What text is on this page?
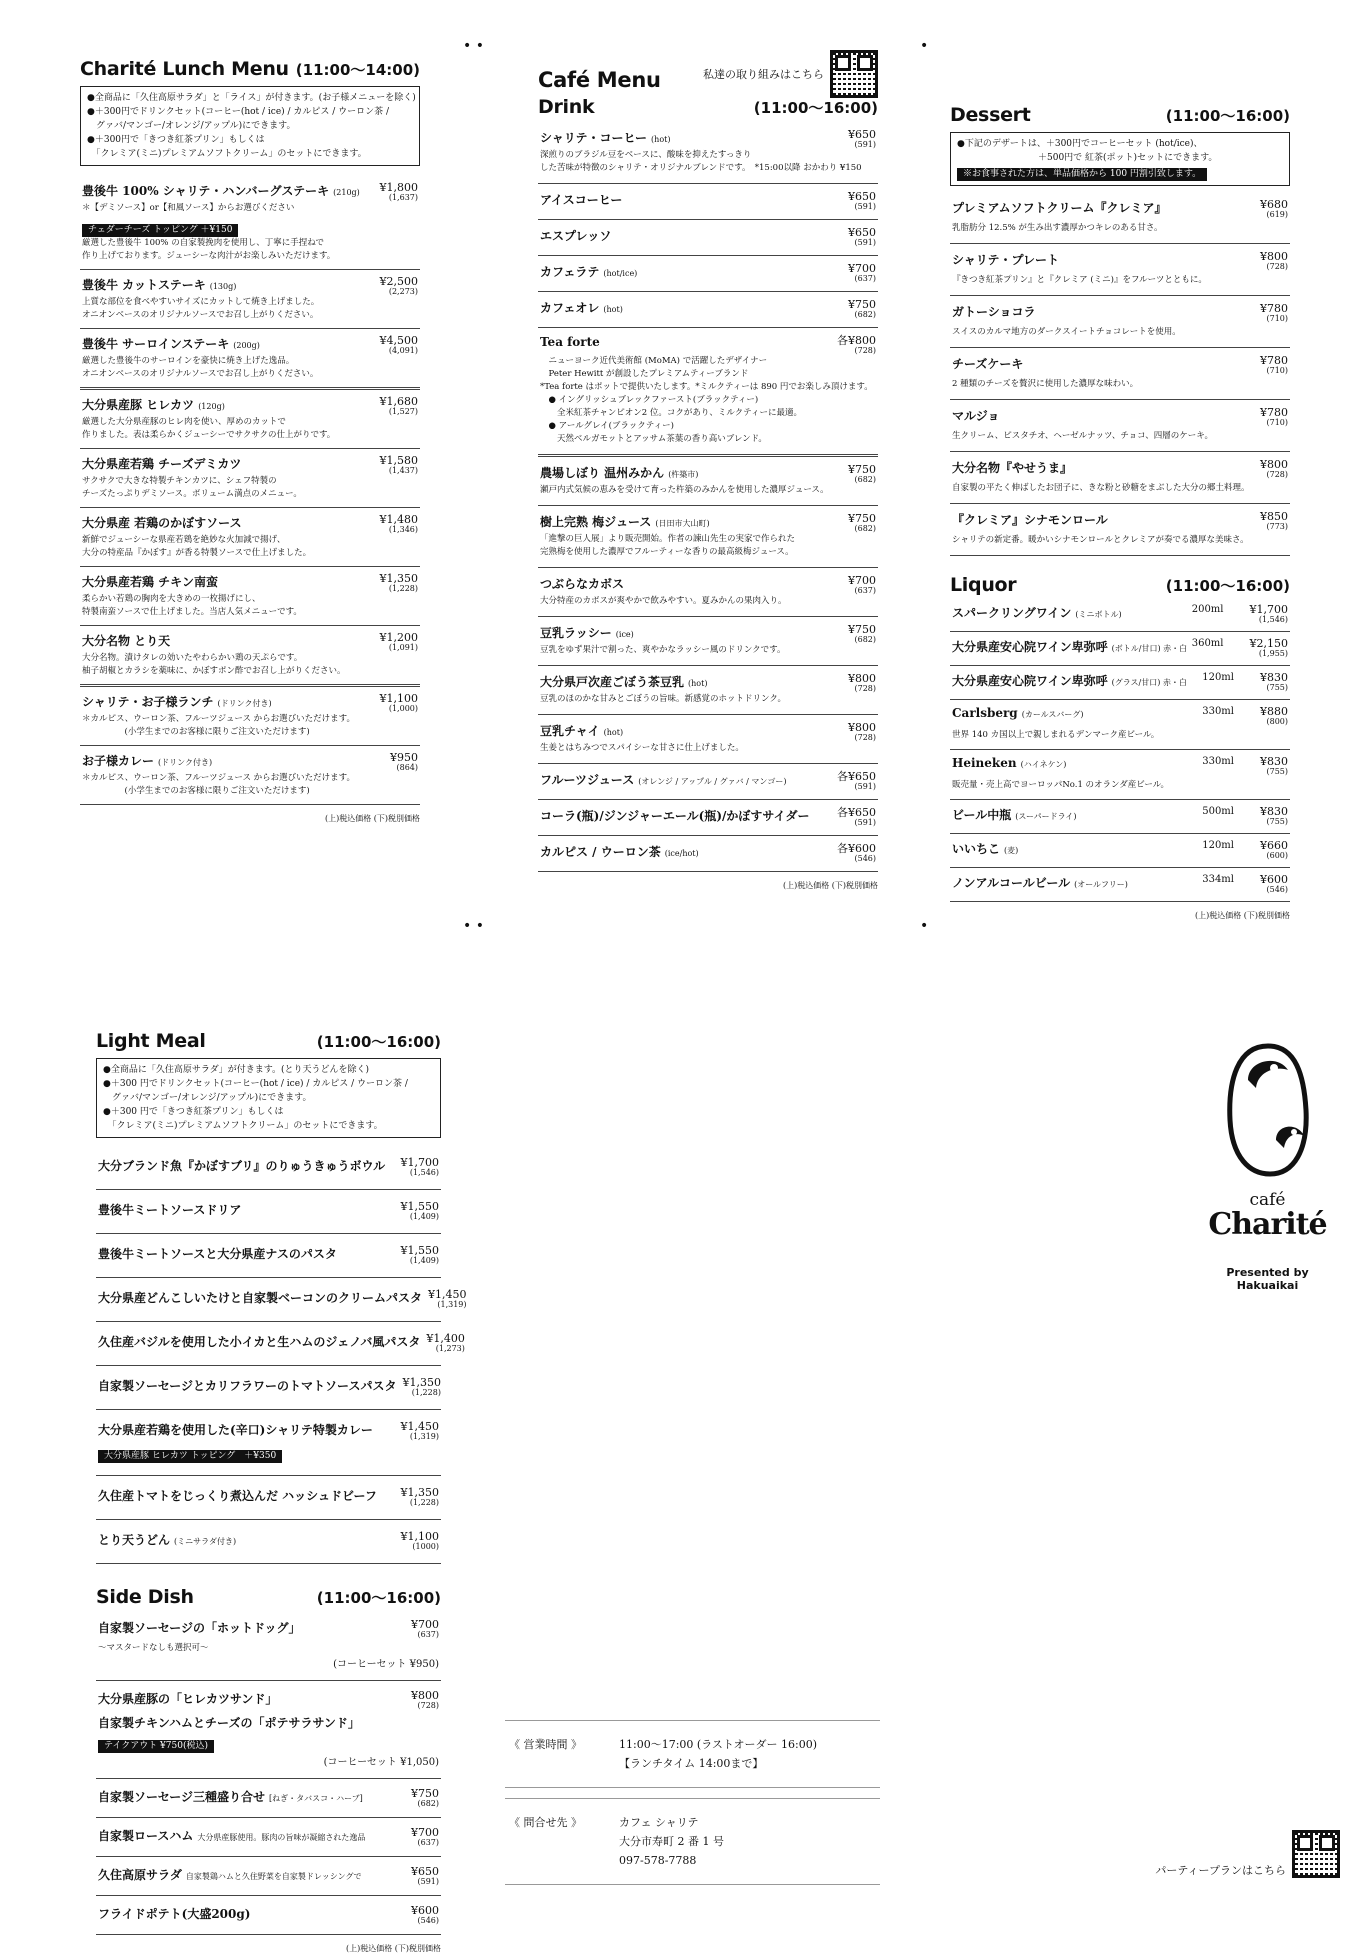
Charité Lunch Menu (11:00～14:00)
●全商品に「久住高原サラダ」と「ライス」が付きます。(お子様メニューを除く)
●＋300円でドリンクセット(コーヒー(hot / ice) / カルピス / ウーロン茶 /
　グァバ/マンゴー/オレンジ/アップル)にできます。
●＋300円で「きつき紅茶プリン」もしくは
　「クレミア(ミニ)プレミアムソフトクリーム」のセットにできます。
豊後牛 100% シャリテ・ハンバーグステーキ (210g) ¥1,800
(1,637)
＊【デミソース】or【和風ソース】からお選びください
チェダーチーズ トッピング ＋¥150
厳選した豊後牛 100% の自家製挽肉を使用し、丁寧に手捏ねで
作り上げております。ジューシーな肉汁がお楽しみいただけます。
豊後牛 カットステーキ (130g)	¥2,500
(2,273)
上質な部位を食べやすいサイズにカットして焼き上げました。
オニオンベースのオリジナルソースでお召し上がりください。
豊後牛 サーロインステーキ (200g)	¥4,500
(4,091)
厳選した豊後牛のサーロインを豪快に焼き上げた逸品。
オニオンベースのオリジナルソースでお召し上がりください。
大分県産豚 ヒレカツ (120g)	¥1,680
(1,527)
厳選した大分県産豚のヒレ肉を使い、厚めのカットで
作りました。表は柔らかくジューシーでサクサクの仕上がりです。
大分県産若鶏 チーズデミカツ	¥1,580
(1,437)
サクサクで大きな特製チキンカツに、シェフ特製の
チーズたっぷりデミソース。ボリューム満点のメニュー。
大分県産 若鶏のかぼすソース	¥1,480
(1,346)
新鮮でジューシーな県産若鶏を絶妙な火加減で揚げ、
大分の特産品『かぼす』が香る特製ソースで仕上げました。
大分県産若鶏 チキン南蛮	¥1,350
(1,228)
柔らかい若鶏の胸肉を大きめの一枚揚げにし、
特製南蛮ソースで仕上げました。当店人気メニューです。
大分名物 とり天	¥1,200
(1,091)
大分名物。漬けタレの効いたやわらかい鶏の天ぷらです。
柚子胡椒とカラシを薬味に、かぼすポン酢でお召し上がりください。
シャリテ・お子様ランチ (ドリンク付き)	¥1,100
(1,000)
＊カルピス、ウーロン茶、フルーツジュース からお選びいただけます。
　　　　　(小学生までのお客様に限りご注文いただけます)
お子様カレー (ドリンク付き)	¥950
(864)
＊カルピス、ウーロン茶、フルーツジュース からお選びいただけます。
　　　　　(小学生までのお客様に限りご注文いただけます)
(上)税込価格 (下)税別価格
• •	•
私達の取り組みはこちら
Café Menu
Drink	(11:00～16:00)
シャリテ・コーヒー (hot)	¥650
(591)
深煎りのブラジル豆をベースに、酸味を抑えたすっきり
した苦味が特徴のシャリテ・オリジナルブレンドです。　*15:00以降 おかわり ¥150
アイスコーヒー	¥650
(591)
エスプレッソ	¥650
(591)
カフェラテ (hot/ice)	¥700
(637)
カフェオレ (hot)	¥750
(682)
Tea forte	各¥800
(728)
　ニューヨーク近代美術館 (MoMA) で活躍したデザイナー
　Peter Hewitt が創設したプレミアムティーブランド
*Tea forte はポットで提供いたします。*ミルクティーは 890 円でお楽しみ頂けます。
　● イングリッシュブレックファースト(ブラックティー)
　　全米紅茶チャンピオン2 位。コクがあり、ミルクティーに最適。
　● アールグレイ(ブラックティー)
　　天然ベルガモットとアッサム茶葉の香り高いブレンド。
農場しぼり 温州みかん (杵築市)	¥750
(682)
瀬戸内式気候の恵みを受けて育った杵築のみかんを使用した濃厚ジュース。
樹上完熟 梅ジュース (日田市大山町)	¥750
(682)
「進撃の巨人展」より販売開始。作者の諫山先生の実家で作られた
完熟梅を使用した濃厚でフルーティーな香りの最高級梅ジュース。
つぶらなカボス	¥700
(637)
大分特産のカボスが爽やかで飲みやすい。夏みかんの果肉入り。
豆乳ラッシー (ice)	¥750
(682)
豆乳をゆず果汁で割った、爽やかなラッシー風のドリンクです。
大分県戸次産ごぼう茶豆乳 (hot)	¥800
(728)
豆乳のほのかな甘みとごぼうの旨味。新感覚のホットドリンク。
豆乳チャイ (hot)	¥800
(728)
生姜とはちみつでスパイシーな甘さに仕上げました。
フルーツジュース (オレンジ / アップル / グァバ / マンゴー)	各¥650
(591)
コーラ(瓶)/ジンジャーエール(瓶)/かぼすサイダー 各¥650
(591)
カルピス / ウーロン茶 (ice/hot)	各¥600
(546)
(上)税込価格 (下)税別価格
Dessert	(11:00～16:00)
●下記のデザートは、＋300円でコーヒーセット (hot/ice)、
　　　　　　　　　＋500円で 紅茶(ポット)セットにできます。
※お食事された方は、単品価格から 100 円割引致します。
プレミアムソフトクリーム『クレミア』	¥680
(619)
乳脂肪分 12.5% が生み出す濃厚かつキレのある甘さ。
シャリテ・プレート	¥800
(728)
『きつき紅茶プリン』と『クレミア (ミニ)』をフルーツとともに。
ガトーショコラ	¥780
(710)
スイスのカルマ地方のダークスイートチョコレートを使用。
チーズケーキ	¥780
(710)
2 種類のチーズを贅沢に使用した濃厚な味わい。
マルジョ	¥780
(710)
生クリーム、ピスタチオ、ヘーゼルナッツ、チョコ、四層のケーキ。
大分名物『やせうま』	¥800
(728)
自家製の平たく伸ばしたお団子に、きな粉と砂糖をまぶした大分の郷土料理。
『クレミア』シナモンロール	¥850
(773)
シャリテの新定番。暖かいシナモンロールとクレミアが奏でる濃厚な美味さ。
Liquor	(11:00～16:00)
スパークリングワイン (ミニボトル)	200ml ¥1,700
(1,546)
大分県産安心院ワイン卑弥呼 (ボトル/甘口) 赤・白 360ml ¥2,150
(1,955)
大分県産安心院ワイン卑弥呼 (グラス/甘口) 赤・白 120ml ¥830
(755)
Carlsberg (カールスバーグ)	330ml ¥880
(800)
世界 140 カ国以上で親しまれるデンマーク産ビール。
Heineken (ハイネケン)	330ml ¥830
(755)
販売量・売上高でヨーロッパNo.1 のオランダ産ビール。
ビール中瓶 (スーパードライ)	500ml ¥830
(755)
いいちこ (麦)	120ml ¥660
(600)
ノンアルコールビール (オールフリー)	334ml ¥600
(546)
(上)税込価格 (下)税別価格
• •	•
Light Meal	(11:00～16:00)
●全商品に「久住高原サラダ」が付きます。(とり天うどんを除く)
●＋300 円でドリンクセット(コーヒー(hot / ice) / カルピス / ウーロン茶 /
　グァバ/マンゴー/オレンジ/アップル)にできます。
●＋300 円で「きつき紅茶プリン」もしくは
　「クレミア(ミニ)プレミアムソフトクリーム」のセットにできます。
大分ブランド魚『かぼすブリ』のりゅうきゅうボウル ¥1,700
(1,546)
豊後牛ミートソースドリア	¥1,550
(1,409)
豊後牛ミートソースと大分県産ナスのパスタ	¥1,550
(1,409)
大分県産どんこしいたけと自家製ベーコンのクリームパスタ ¥1,450
(1,319)
久住産バジルを使用した小イカと生ハムのジェノバ風パスタ ¥1,400
(1,273)
自家製ソーセージとカリフラワーのトマトソースパスタ ¥1,350
(1,228)
大分県産若鶏を使用した(辛口)シャリテ特製カレー	¥1,450
(1,319)
大分県産豚 ヒレカツ トッピング　＋¥350
久住産トマトをじっくり煮込んだ ハッシュドビーフ ¥1,350
(1,228)
とり天うどん (ミニサラダ付き)	¥1,100
(1000)
Side Dish	(11:00～16:00)
自家製ソーセージの「ホットドッグ」	¥700
(637)
〜マスタードなしも選択可〜
(コーヒーセット ¥950)
大分県産豚の「ヒレカツサンド」	¥800
(728)
自家製チキンハムとチーズの「ポテサラサンド」
テイクアウト ¥750(税込)
(コーヒーセット ¥1,050)
自家製ソーセージ三種盛り合せ [ねぎ・タバスコ・ハーブ]	¥750
(682)
自家製ロースハム 大分県産豚使用。豚肉の旨味が凝縮された逸品	¥700
(637)
久住高原サラダ 自家製鶏ハムと久住野菜を自家製ドレッシングで	¥650
(591)
フライドポテト(大盛200g)	¥600
(546)
(上)税込価格 (下)税別価格
《 営業時間 》	11:00～17:00 (ラストオーダー 16:00)
【ランチタイム 14:00まで】
《 問合せ先 》	カフェ シャリテ
大分市寿町 2 番 1 号
097-578-7788
café
Charité
Presented by
Hakuaikai
パーティープランはこちら
